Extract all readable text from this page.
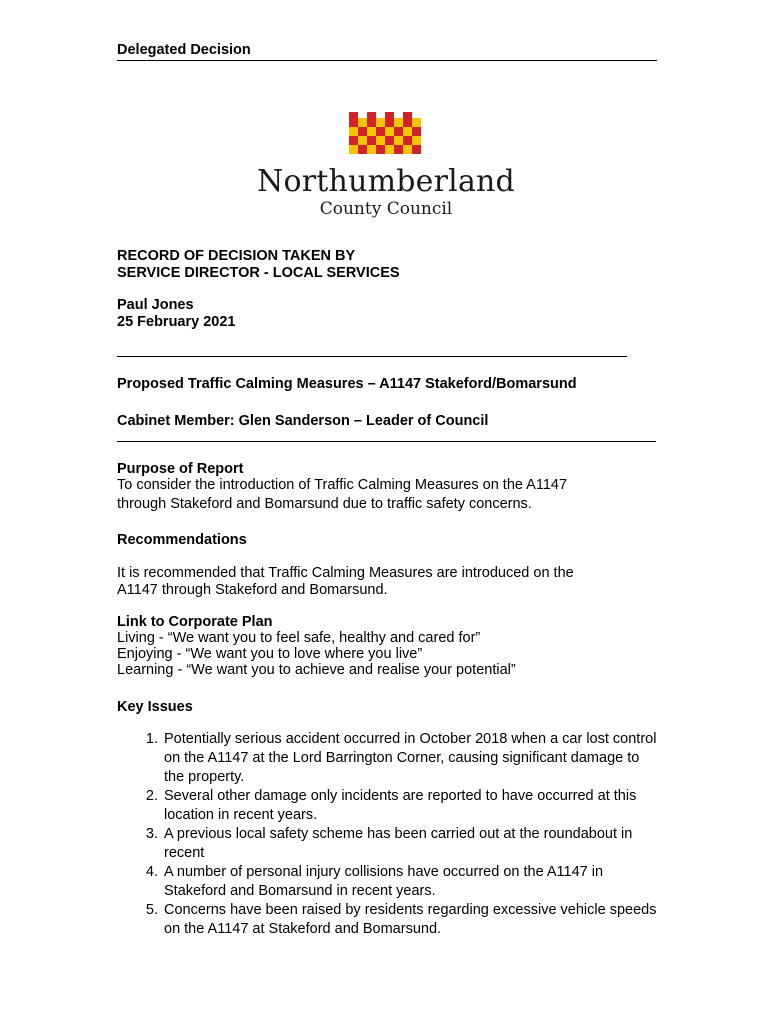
Delegated Decision
Northumberland
County Council
RECORD OF DECISION TAKEN BY
SERVICE DIRECTOR - LOCAL SERVICES
Paul Jones
25 February 2021
Proposed Traffic Calming Measures – A1147 Stakeford/Bomarsund
Cabinet Member: Glen Sanderson – Leader of Council
Purpose of Report
To consider the introduction of Traffic Calming Measures on the A1147
through Stakeford and Bomarsund due to traffic safety concerns.
Recommendations
It is recommended that Traffic Calming Measures are introduced on the
A1147 through Stakeford and Bomarsund.
Link to Corporate Plan
Living - “We want you to feel safe, healthy and cared for”
Enjoying - “We want you to love where you live”
Learning - “We want you to achieve and realise your potential”
Key Issues
1. Potentially serious accident occurred in October 2018 when a car lost control on the A1147 at the Lord Barrington Corner, causing significant damage to the property.
2. Several other damage only incidents are reported to have occurred at this location in recent years.
3. A previous local safety scheme has been carried out at the roundabout in recent
4. A number of personal injury collisions have occurred on the A1147 in Stakeford and Bomarsund in recent years.
5. Concerns have been raised by residents regarding excessive vehicle speeds on the A1147 at Stakeford and Bomarsund.
